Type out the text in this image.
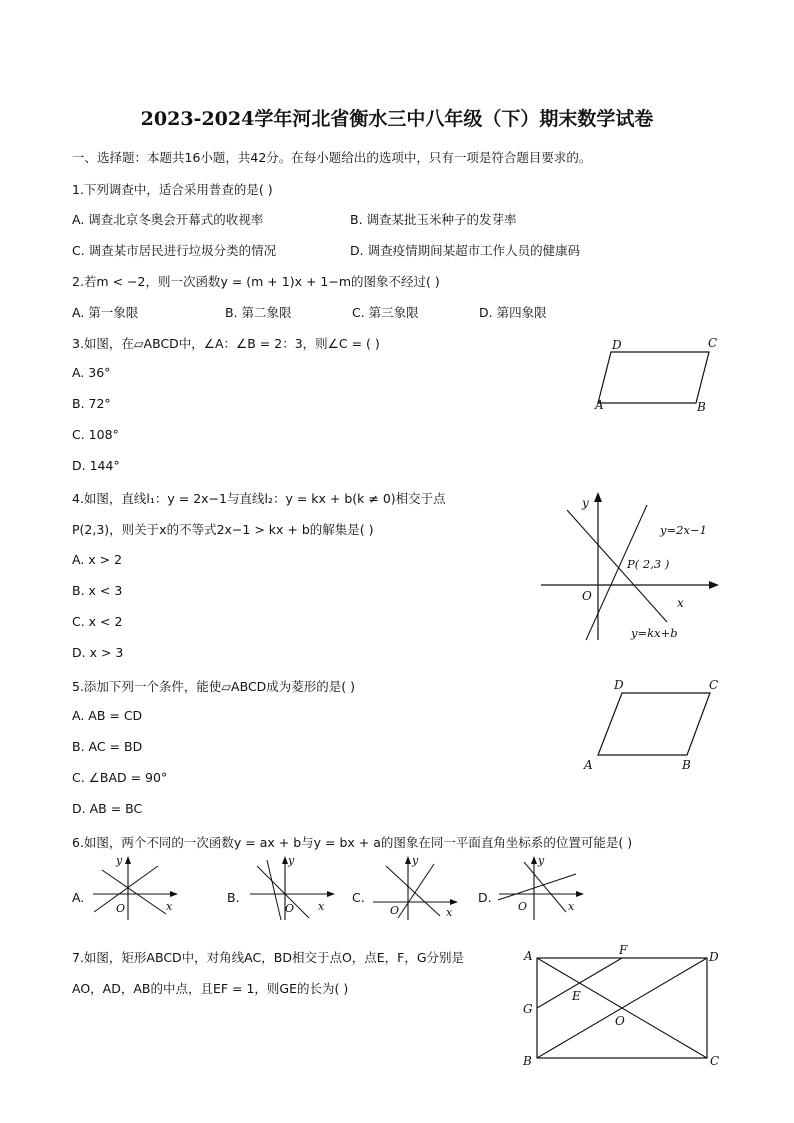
2023-2024学年河北省衡水三中八年级（下）期末数学试卷
一、选择题：本题共16小题，共42分。在每小题给出的选项中，只有一项是符合题目要求的。
1.下列调查中，适合采用普查的是( )
A. 调查北京冬奥会开幕式的收视率	B. 调查某批玉米种子的发芽率
C. 调查某市居民进行垃圾分类的情况	D. 调查疫情期间某超市工作人员的健康码
2.若m < −2，则一次函数y = (m + 1)x + 1−m的图象不经过( )
A. 第一象限	B. 第二象限	C. 第三象限	D. 第四象限
3.如图，在▱ABCD中，∠A：∠B = 2：3，则∠C = ( )
A. 36°
B. 72°
C. 108°
D. 144°
D	C
A	B
4.如图，直线l₁：y = 2x−1与直线l₂：y = kx + b(k ≠ 0)相交于点
P(2,3)，则关于x的不等式2x−1 > kx + b的解集是( )
A. x > 2
B. x < 3
C. x < 2
D. x > 3
y
x
O
P( 2,3 )
y=2x−1
y=kx+b
5.添加下列一个条件，能使▱ABCD成为菱形的是( )
A. AB = CD
B. AC = BD
C. ∠BAD = 90°
D. AB = BC
D	C
A	B
6.如图，两个不同的一次函数y = ax + b与y = bx + a的图象在同一平面直角坐标系的位置可能是( )
A.
y
x
O
B.
y
x
O
C.
y
x
O
D.
y
x
O
7.如图，矩形ABCD中，对角线AC，BD相交于点O，点E，F，G分别是
AO，AD，AB的中点，且EF = 1，则GE的长为( )
A	F	D
G
E
O
B	C
